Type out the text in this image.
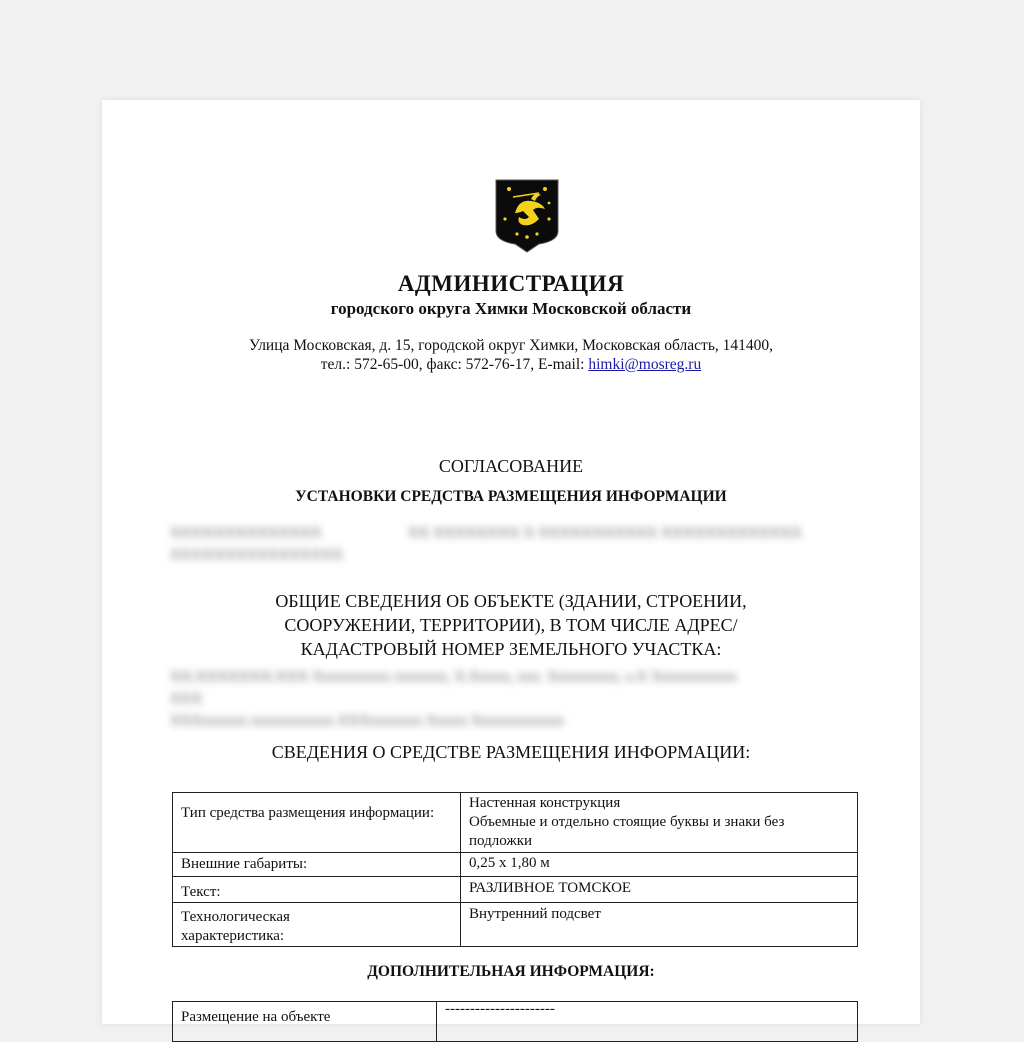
АДМИНИСТРАЦИЯ
городского округа Химки Московской области
Улица Московская, д. 15, городской округ Химки, Московская область, 141400,
тел.: 572-65-00, факс: 572-76-17, E-mail: himki@mosreg.ru
СОГЛАСОВАНИЕ
УСТАНОВКИ СРЕДСТВА РАЗМЕЩЕНИЯ ИНФОРМАЦИИ
XXXXXXXXXXXXXX	XX XXXXXXXX X XXXXXXXXXXX XXXXXXXXXXXXX
XXXXXXXXXXXXXXXX
ОБЩИЕ СВЕДЕНИЯ ОБ ОБЪЕКТЕ (ЗДАНИИ, СТРОЕНИИ,
СООРУЖЕНИИ, ТЕРРИТОРИИ), В ТОМ ЧИСЛЕ АДРЕС/
КАДАСТРОВЫЙ НОМЕР ЗЕМЕЛЬНОГО УЧАСТКА:
XX:XXXXXXX:XXX Xxxxxxxxxx xxxxxxx, X.Xxxxx, xxx. Xxxxxxxxx, x.X Xxxxxxxxxxx
XXX
XXXxxxxxx xxxxxxxxxxx XXXxxxxxxx Xxxxx Xxxxxxxxxxxx
СВЕДЕНИЯ О СРЕДСТВЕ РАЗМЕЩЕНИЯ ИНФОРМАЦИИ:
Тип средства размещения информации:	Настенная конструкция
Объемные и отдельно стоящие буквы и знаки без подложки

Внешние габариты:	0,25 х 1,80 м
Текст:	РАЗЛИВНОЕ ТОМСКОЕ
Технологическая характеристика:	Внутренний подсвет
ДОПОЛНИТЕЛЬНАЯ ИНФОРМАЦИЯ:
Размещение на объекте	----------------------
